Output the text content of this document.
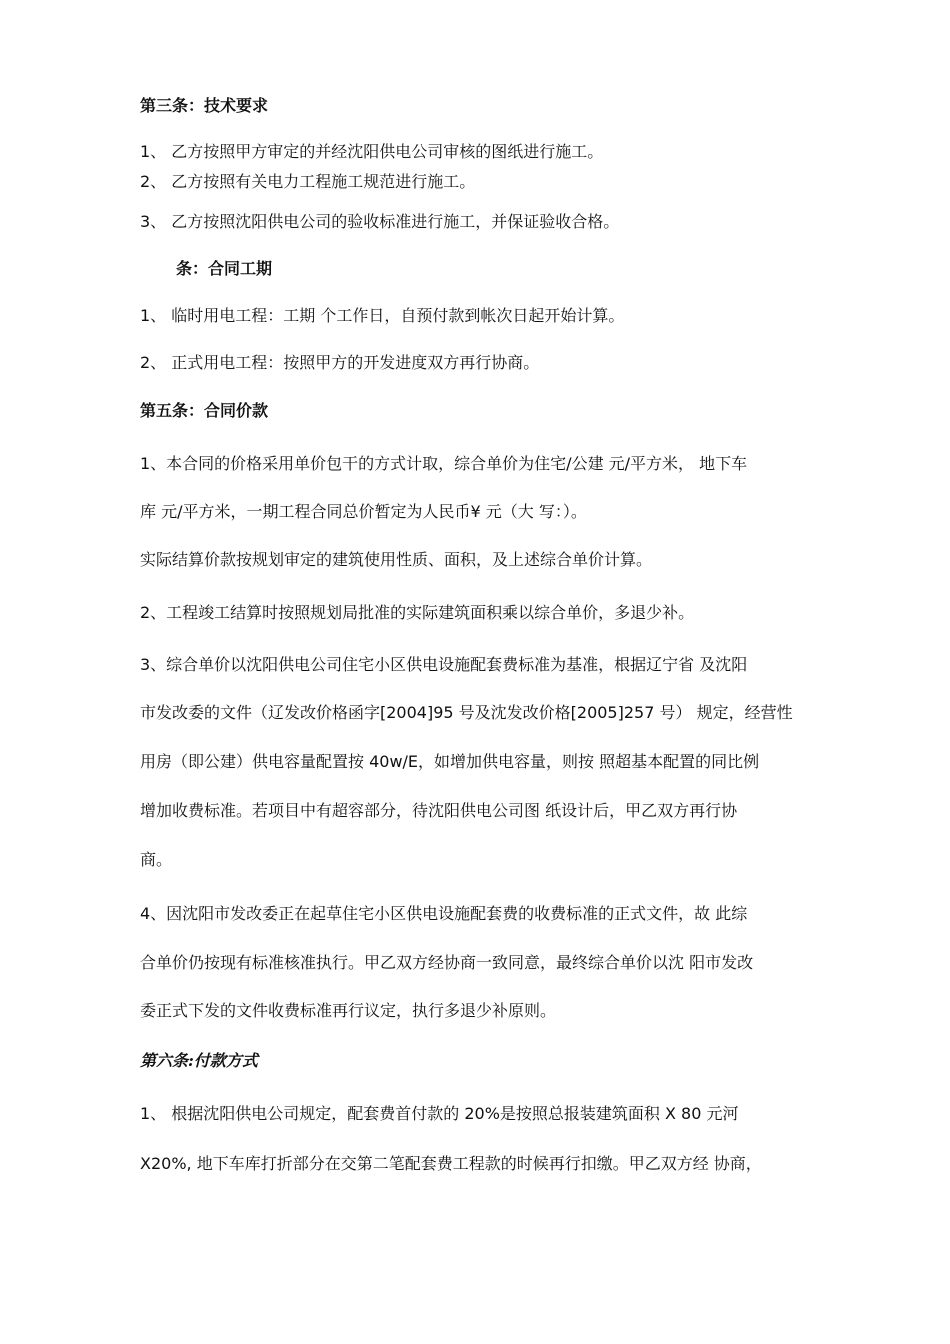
第三条：技术要求
1、 乙方按照甲方审定的并经沈阳供电公司审核的图纸进行施工。
2、 乙方按照有关电力工程施工规范进行施工。
3、 乙方按照沈阳供电公司的验收标准进行施工，并保证验收合格。
条：合同工期
1、 临时用电工程：工期 个工作日，自预付款到帐次日起开始计算。
2、 正式用电工程：按照甲方的开发进度双方再行协商。
第五条：合同价款
1、本合同的价格采用单价包干的方式计取，综合单价为住宅/公建 元/平方米， 地下车
库 元/平方米，一期工程合同总价暂定为人民币¥ 元（大 写：）。
实际结算价款按规划审定的建筑使用性质、面积，及上述综合单价计算。
2、工程竣工结算时按照规划局批准的实际建筑面积乘以综合单价，多退少补。
3、综合单价以沈阳供电公司住宅小区供电设施配套费标准为基准，根据辽宁省 及沈阳
市发改委的文件（辽发改价格函字[2004]95 号及沈发改价格[2005]257 号） 规定，经营性
用房（即公建）供电容量配置按 40w/E，如增加供电容量，则按 照超基本配置的同比例
增加收费标准。若项目中有超容部分，待沈阳供电公司图 纸设计后，甲乙双方再行协
商。
4、因沈阳市发改委正在起草住宅小区供电设施配套费的收费标准的正式文件，故 此综
合单价仍按现有标准核准执行。甲乙双方经协商一致同意，最终综合单价以沈 阳市发改
委正式下发的文件收费标准再行议定，执行多退少补原则。
第六条:付款方式
1、 根据沈阳供电公司规定，配套费首付款的 20%是按照总报装建筑面积 X 80 元河
X20%, 地下车库打折部分在交第二笔配套费工程款的时候再行扣缴。甲乙双方经 协商，
